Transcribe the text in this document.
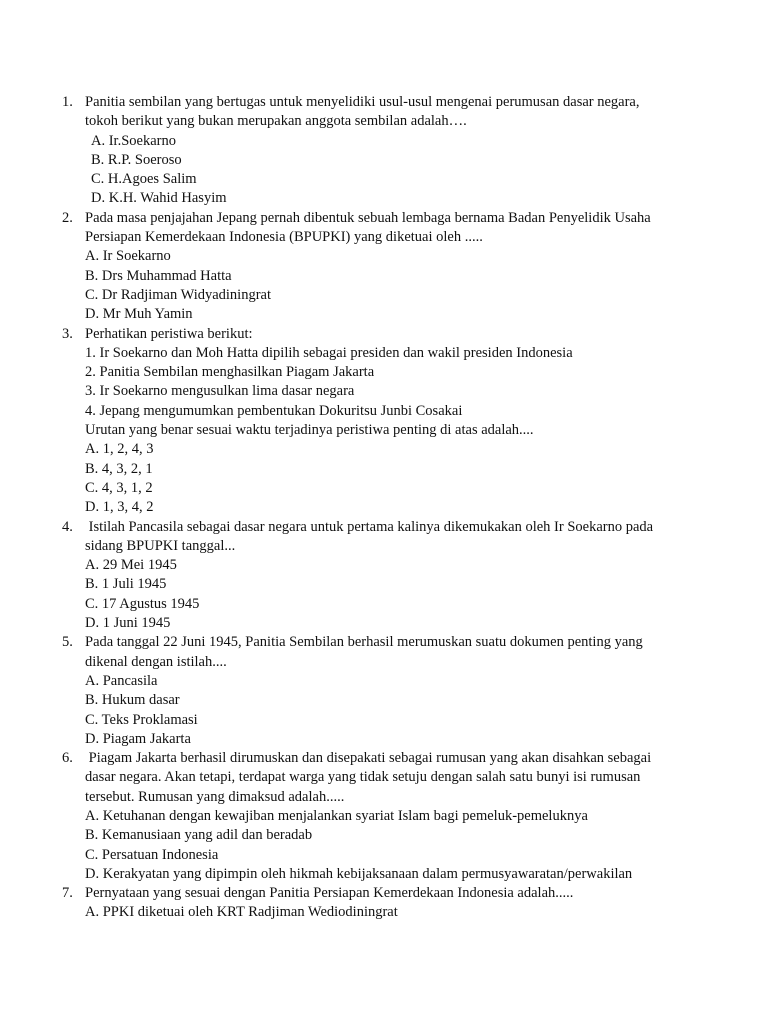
1. Panitia sembilan yang bertugas untuk menyelidiki usul-usul mengenai perumusan dasar negara,
tokoh berikut yang bukan merupakan anggota sembilan adalah….
A. Ir.Soekarno
B. R.P. Soeroso
C. H.Agoes Salim
D. K.H. Wahid Hasyim
2. Pada masa penjajahan Jepang pernah dibentuk sebuah lembaga bernama Badan Penyelidik Usaha
Persiapan Kemerdekaan Indonesia (BPUPKI) yang diketuai oleh .....
A. Ir Soekarno
B. Drs Muhammad Hatta
C. Dr Radjiman Widyadiningrat
D. Mr Muh Yamin
3. Perhatikan peristiwa berikut:
1. Ir Soekarno dan Moh Hatta dipilih sebagai presiden dan wakil presiden Indonesia
2. Panitia Sembilan menghasilkan Piagam Jakarta
3. Ir Soekarno mengusulkan lima dasar negara
4. Jepang mengumumkan pembentukan Dokuritsu Junbi Cosakai
Urutan yang benar sesuai waktu terjadinya peristiwa penting di atas adalah....
A. 1, 2, 4, 3
B. 4, 3, 2, 1
C. 4, 3, 1, 2
D. 1, 3, 4, 2
4. Istilah Pancasila sebagai dasar negara untuk pertama kalinya dikemukakan oleh Ir Soekarno pada
sidang BPUPKI tanggal...
A. 29 Mei 1945
B. 1 Juli 1945
C. 17 Agustus 1945
D. 1 Juni 1945
5. Pada tanggal 22 Juni 1945, Panitia Sembilan berhasil merumuskan suatu dokumen penting yang
dikenal dengan istilah....
A. Pancasila
B. Hukum dasar
C. Teks Proklamasi
D. Piagam Jakarta
6. Piagam Jakarta berhasil dirumuskan dan disepakati sebagai rumusan yang akan disahkan sebagai
dasar negara. Akan tetapi, terdapat warga yang tidak setuju dengan salah satu bunyi isi rumusan
tersebut. Rumusan yang dimaksud adalah.....
A. Ketuhanan dengan kewajiban menjalankan syariat Islam bagi pemeluk-pemeluknya
B. Kemanusiaan yang adil dan beradab
C. Persatuan Indonesia
D. Kerakyatan yang dipimpin oleh hikmah kebijaksanaan dalam permusyawaratan/perwakilan
7. Pernyataan yang sesuai dengan Panitia Persiapan Kemerdekaan Indonesia adalah.....
A. PPKI diketuai oleh KRT Radjiman Wediodiningrat
